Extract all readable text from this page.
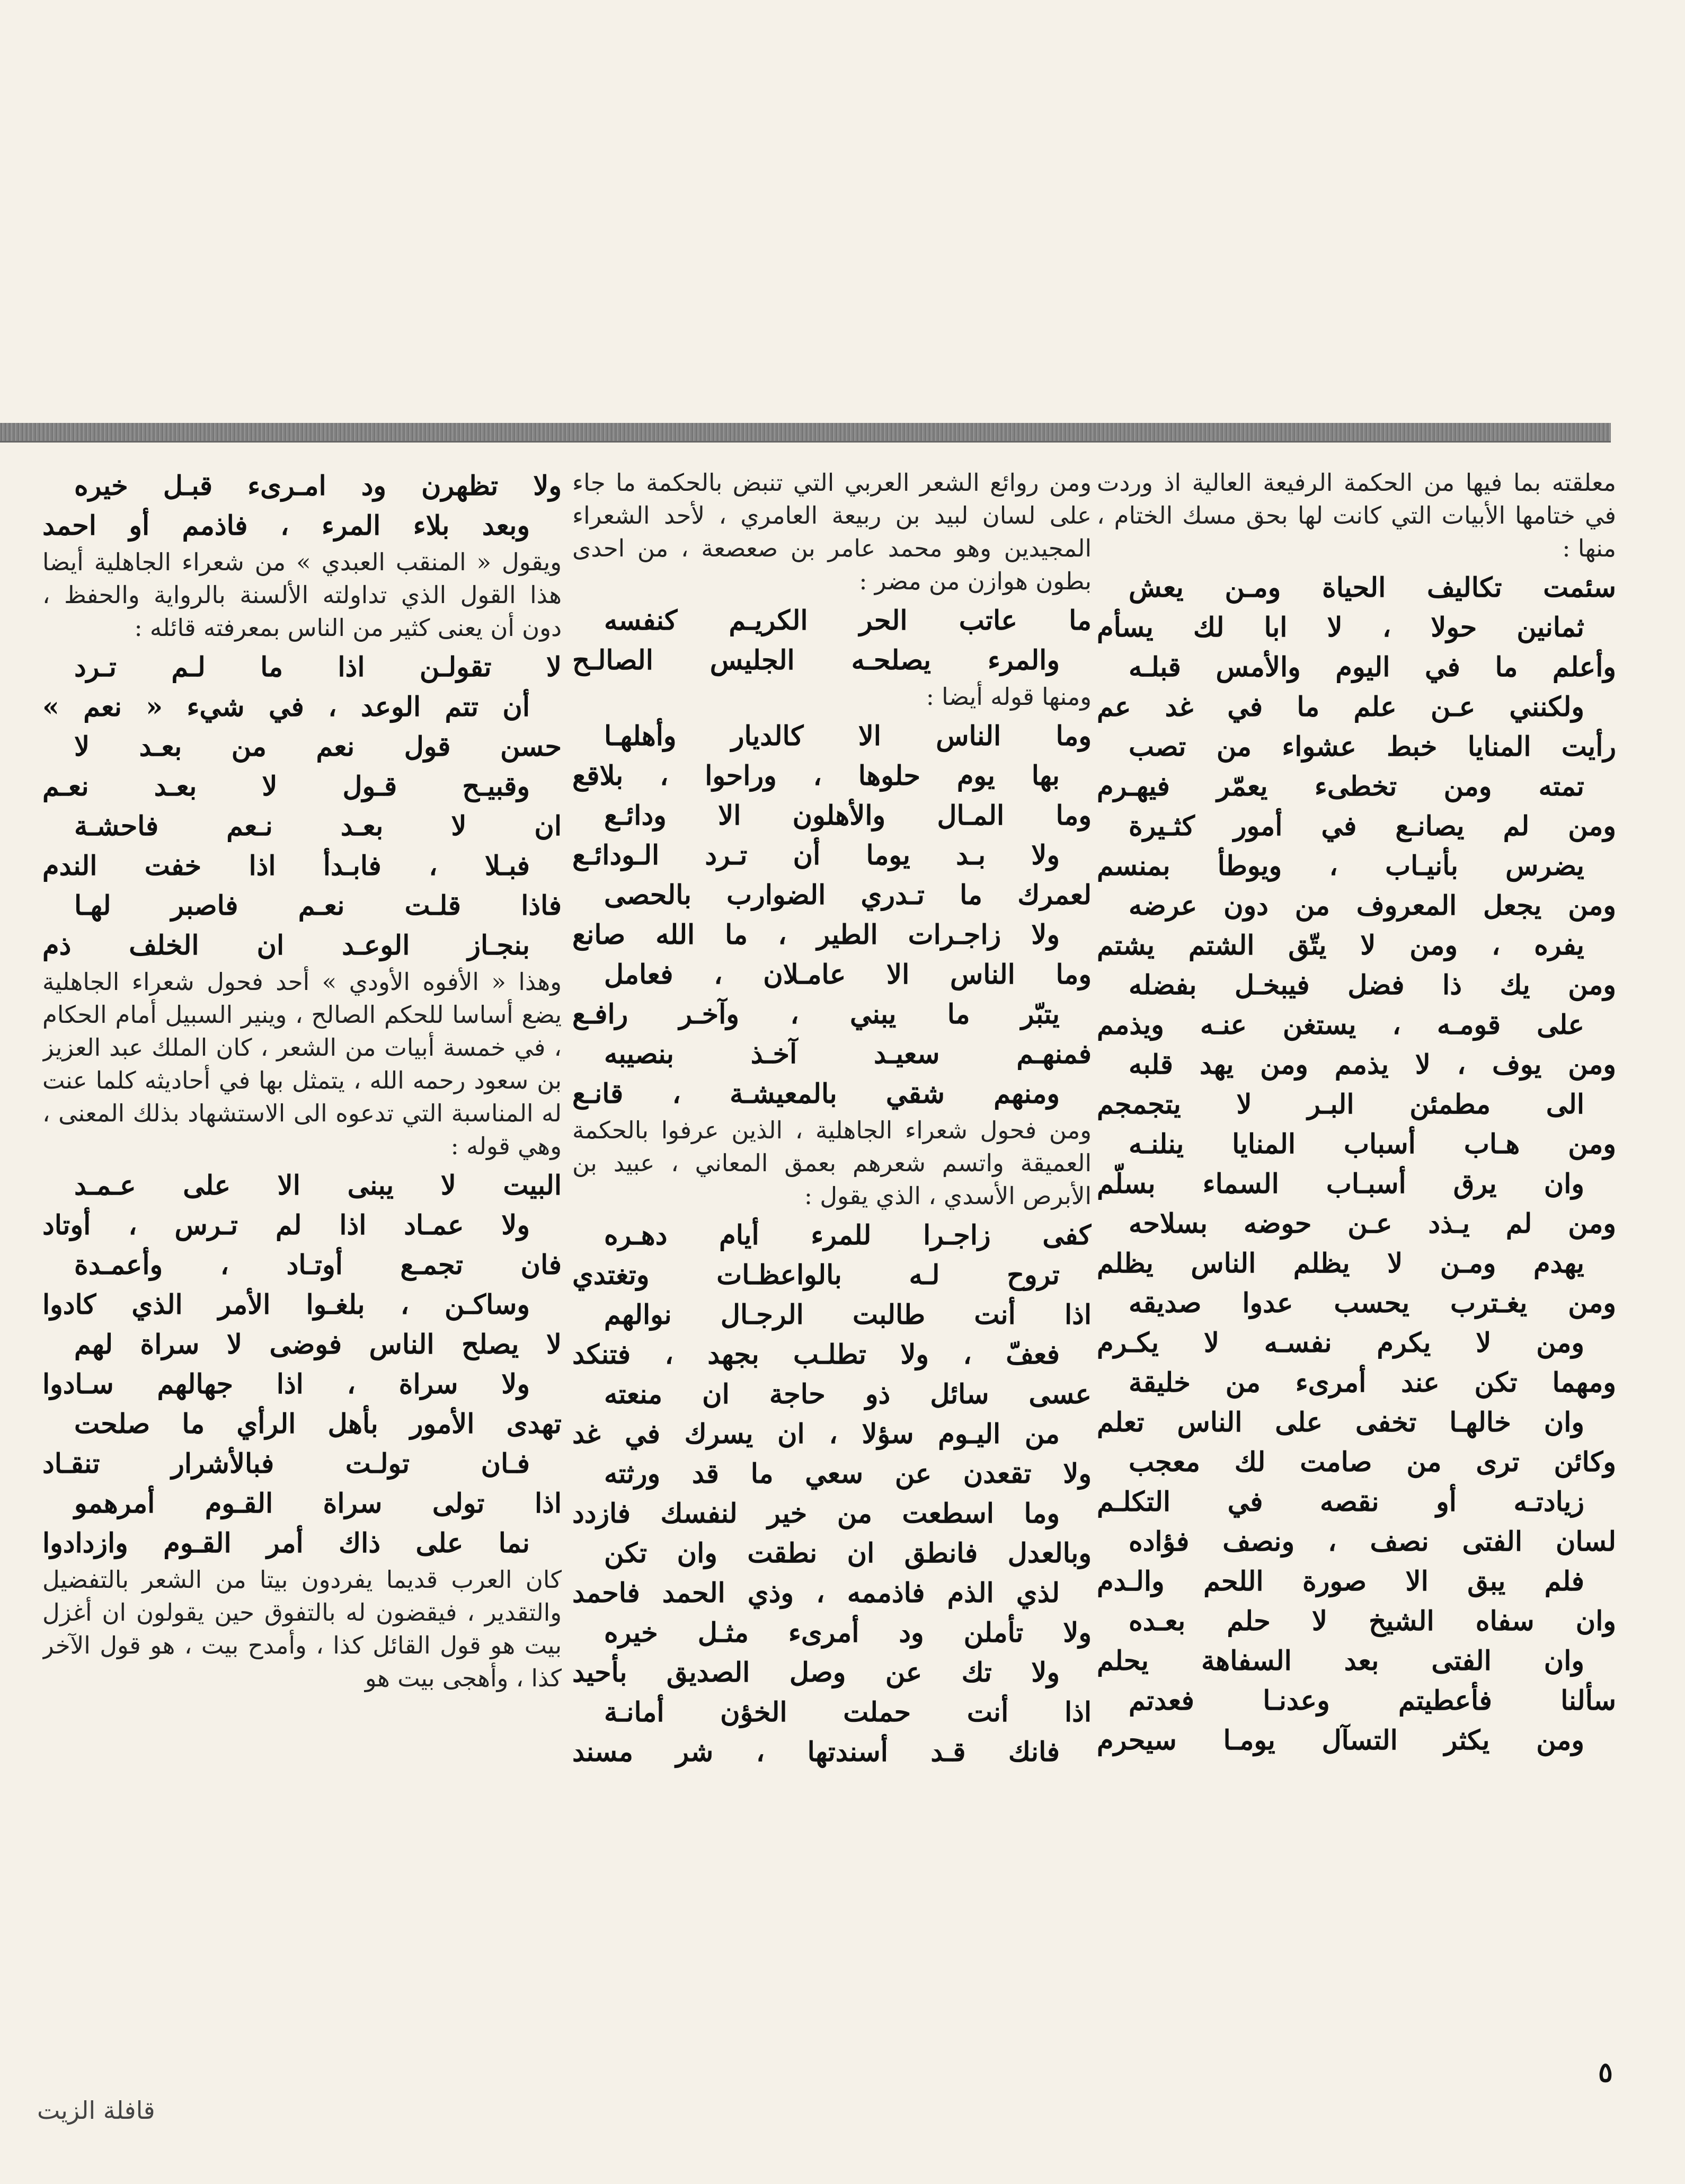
معلقته بما فيها من الحكمة الرفيعة العالية اذ وردت في ختامها الأبيات التي كانت لها بحق مسك الختام ، منها :

سئمت تكاليف الحياة ومـن يعش

ثمانين حولا ، لا ابا لك يسأم

وأعلم ما في اليوم والأمس قبلـه

ولكنني عـن علم ما في غد عم

رأيت المنايا خبط عشواء من تصب

تمته ومن تخطىء يعمّر فيهـرم

ومن لم يصانـع في أمور كثـيرة

يضرس بأنيـاب ، ويوطأ بمنسم

ومن يجعل المعروف من دون عرضه

يفره ، ومن لا يتّق الشتم يشتم

ومن يك ذا فضل فيبخـل بفضله

على قومـه ، يستغن عنـه ويذمم

ومن يوف ، لا يذمم ومن يهد قلبه

الى مطمئن البـر لا يتجمجم

ومن هـاب أسباب المنايا ينلنـه

وان يرق أسبـاب السماء بسلّم

ومن لم يـذد عـن حوضه بسلاحه

يهدم ومـن لا يظلم الناس يظلم

ومن يغـترب يحسب عدوا صديقه

ومن لا يكرم نفسـه لا يكـرم

ومهما تكن عند أمرىء من خليقة

وان خالهـا تخفى على الناس تعلم

وكائن ترى من صامت لك معجب

زيادتـه أو نقصه في التكلـم

لسان الفتى نصف ، ونصف فؤاده

فلم يبق الا صورة اللحم والـدم

وان سفاه الشيخ لا حلم بعـده

وان الفتى بعد السفاهة يحلم

سألنا فأعطيتم وعدنـا فعدتم

ومن يكثر التسآل يومـا سيحرم

ومن روائع الشعر العربي التي تنبض بالحكمة ما جاء على لسان لبيد بن ربيعة العامري ، لأحد الشعراء المجيدين وهو محمد عامر بن صعصعة ، من احدى بطون هوازن من مضر :

ما عاتب الحر الكريـم كنفسه

والمرء يصلحـه الجليس الصالـح

ومنها قوله أيضا :

وما الناس الا كالديار وأهلهـا

بها يوم حلوها ، وراحوا ، بلاقع

وما المـال والأهلون الا ودائـع

ولا بـد يوما أن تـرد الـودائـع

لعمرك ما تـدري الضوارب بالحصى

ولا زاجـرات الطير ، ما الله صانع

وما الناس الا عامـلان ، فعامل

يتبّر ما يبني ، وآخـر رافـع

فمنهـم سعيـد آخـذ بنصيبه

ومنهم شقي بالمعيشـة ، قانـع

ومن فحول شعراء الجاهلية ، الذين عرفوا بالحكمة العميقة واتسم شعرهم بعمق المعاني ، عبيد بن الأبرص الأسدي ، الذي يقول :

كفى زاجـرا للمرء أيام دهـره

تروح لـه بالواعظـات وتغتدي

اذا أنت طالبت الرجـال نوالهم

فعفّ ، ولا تطلـب بجهد ، فتنكد

عسى سائل ذو حاجة ان منعته

من اليـوم سؤلا ، ان يسرك في غد

ولا تقعدن عن سعي ما قد ورثته

وما اسطعت من خير لنفسك فازدد

وبالعدل فانطق ان نطقت وان تكن

لذي الذم فاذممه ، وذي الحمد فاحمد

ولا تأملن ود أمرىء مثـل خيره

ولا تك عن وصل الصديق بأحيد

اذا أنت حملت الخؤن أمانـة

فانك قـد أسندتها ، شر مسند

ولا تظهرن ود امـرىء قبـل خيره

وبعد بلاء المرء ، فاذمم أو احمد

ويقول « المنقب العبدي » من شعراء الجاهلية أيضا هذا القول الذي تداولته الألسنة بالرواية والحفظ ، دون أن يعنى كثير من الناس بمعرفته قائله :

لا تقولـن اذا ما لـم تـرد

أن تتم الوعد ، في شيء « نعم »

حسن قول نعم من بعـد لا

وقبيـح قـول لا بعـد نعـم

ان لا بعـد نـعم فاحشـة

فبـلا ، فابـدأ اذا خفت الندم

فاذا قلـت نعـم فاصبر لهـا

بنجـاز الوعـد ان الخلف ذم

وهذا « الأفوه الأودي » أحد فحول شعراء الجاهلية يضع أساسا للحكم الصالح ، وينير السبيل أمام الحكام ، في خمسة أبيات من الشعر ، كان الملك عبد العزيز بن سعود رحمه الله ، يتمثل بها في أحاديثه كلما عنت له المناسبة التي تدعوه الى الاستشهاد بذلك المعنى ، وهي قوله :

البيت لا يبنى الا على عـمـد

ولا عمـاد اذا لم تـرس ، أوتاد

فان تجمـع أوتـاد ، وأعمـدة

وساكـن ، بلغـوا الأمر الذي كادوا

لا يصلح الناس فوضى لا سراة لهم

ولا سراة ، اذا جهالهم سـادوا

تهدى الأمور بأهل الرأي ما صلحت

فـان تولـت فبالأشرار تنقـاد

اذا تولى سراة القـوم أمرهمو

نما على ذاك أمر القـوم وازدادوا

كان العرب قديما يفردون بيتا من الشعر بالتفضيل والتقدير ، فيقضون له بالتفوق حين يقولون ان أغزل بيت هو قول القائل كذا ، وأمدح بيت ، هو قول الآخر كذا ، وأهجى بيت هو

٥
قافلة الزيت
